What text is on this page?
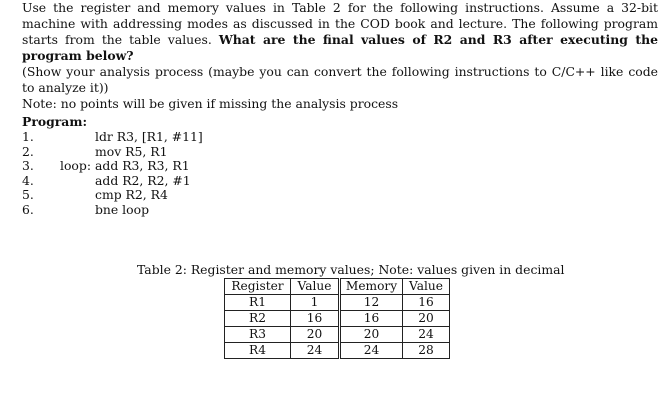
Use the register and memory values in Table 2 for the following instructions. Assume a 32-bit machine with addressing modes as discussed in the COD book and lecture. The following program starts from the table values. What are the final values of R2 and R3 after executing the program below?

(Show your analysis process (maybe you can convert the following instructions to C/C++ like code to analyze it))

Note: no points will be given if missing the analysis process

Program:
1.	ldr R3, [R1, #11]
2.	mov R5, R1
3.	loop: add R3, R3, R1
4.	add R2, R2, #1
5.	cmp R2, R4
6.	bne loop
Table 2: Register and memory values; Note: values given in decimal
Register	Value	Memory	Value
R1	1	12	16
R2	16	16	20
R3	20	20	24
R4	24	24	28
